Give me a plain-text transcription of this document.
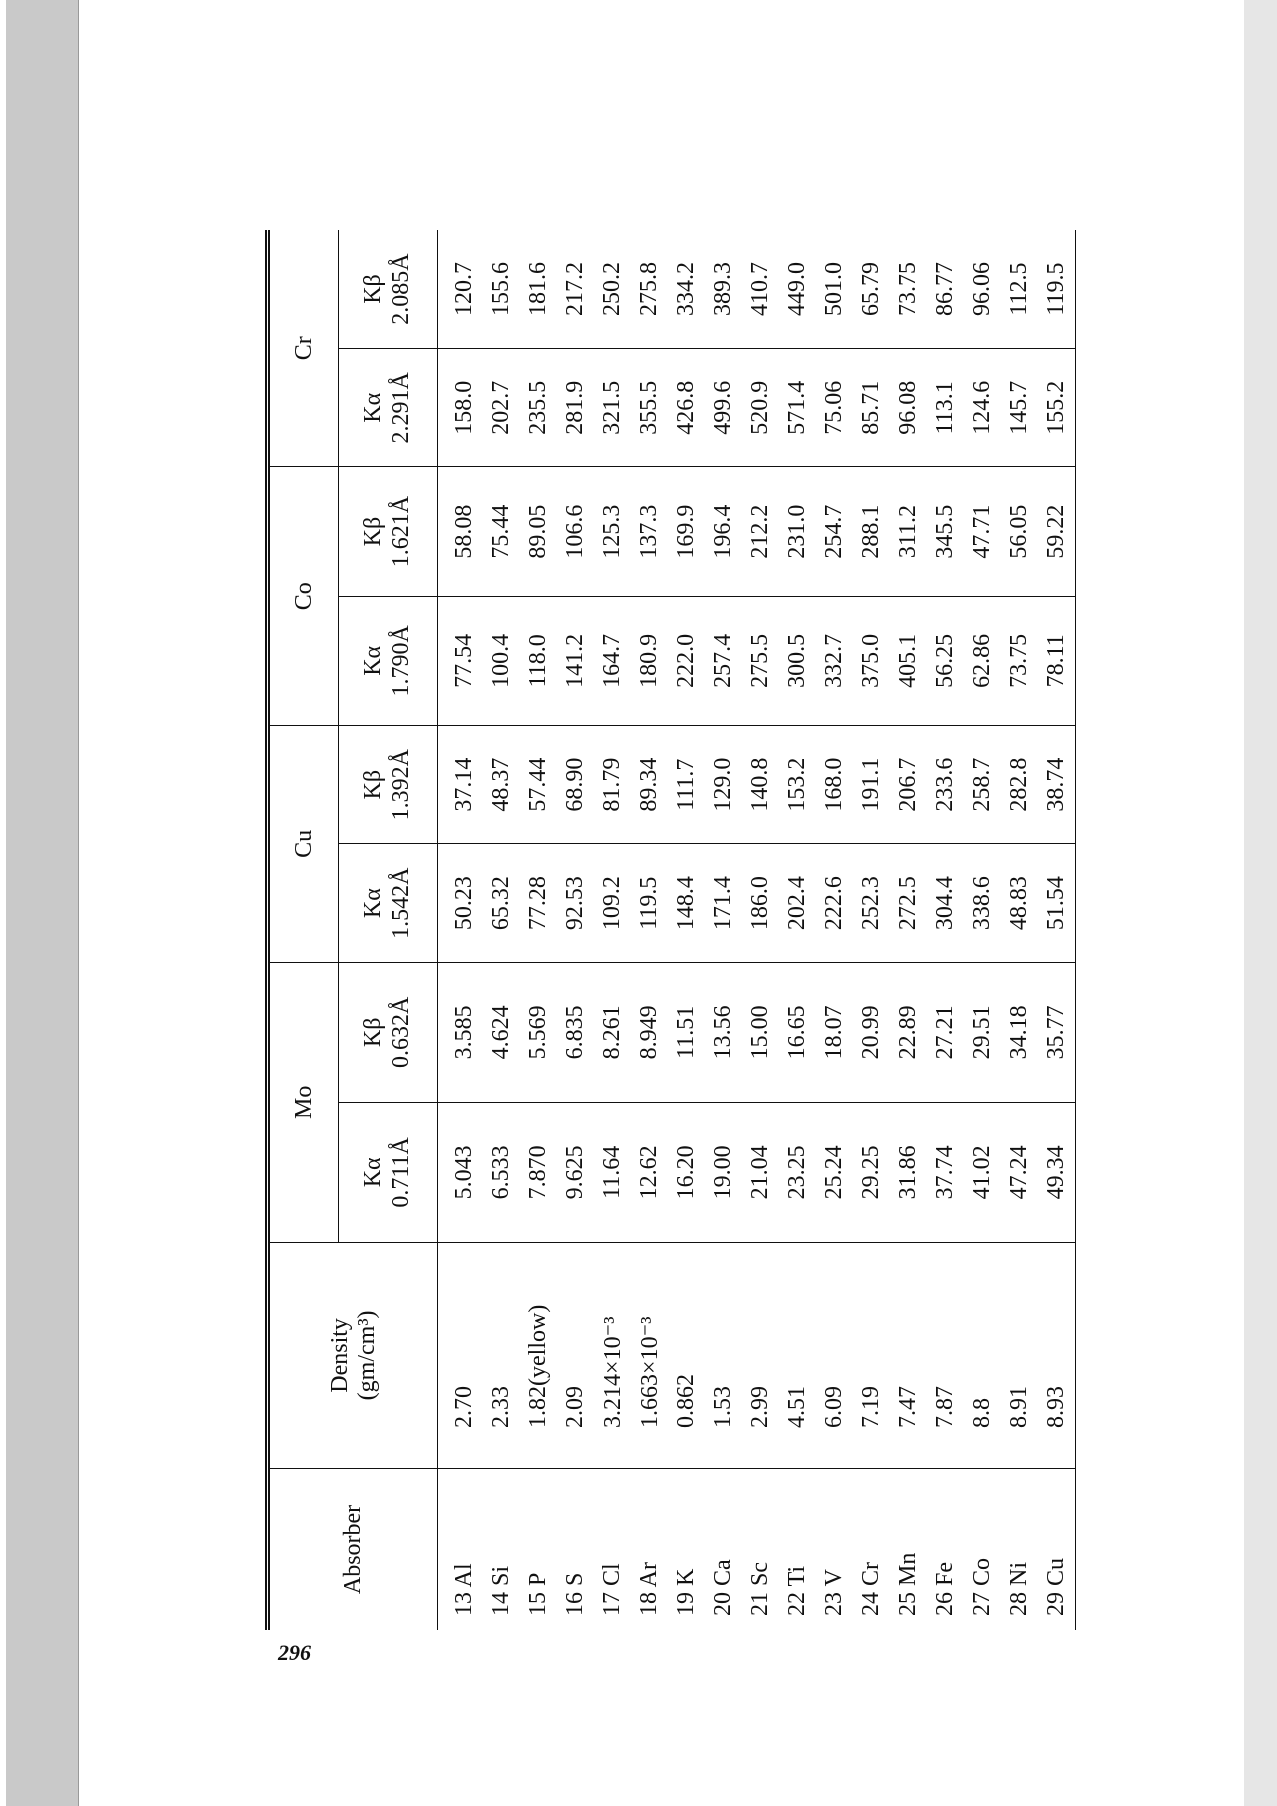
296
Absorber	Density (gm/cm³)	Mo		Cu		Co		Cr	

		Kα 0.711Å	Kβ 0.632Å	Kα 1.542Å	Kβ 1.392Å	Kα 1.790Å	Kβ 1.621Å	Kα 2.291Å	Kβ 2.085Å

13 Al	2.70	5.043	3.585	50.23	37.14	77.54	58.08	158.0	120.7
14 Si	2.33	6.533	4.624	65.32	48.37	100.4	75.44	202.7	155.6
15 P	1.82(yellow)	7.870	5.569	77.28	57.44	118.0	89.05	235.5	181.6
16 S	2.09	9.625	6.835	92.53	68.90	141.2	106.6	281.9	217.2
17 Cl	3.214×10⁻³	11.64	8.261	109.2	81.79	164.7	125.3	321.5	250.2
18 Ar	1.663×10⁻³	12.62	8.949	119.5	89.34	180.9	137.3	355.5	275.8
19 K	0.862	16.20	11.51	148.4	111.7	222.0	169.9	426.8	334.2
20 Ca	1.53	19.00	13.56	171.4	129.0	257.4	196.4	499.6	389.3
21 Sc	2.99	21.04	15.00	186.0	140.8	275.5	212.2	520.9	410.7
22 Ti	4.51	23.25	16.65	202.4	153.2	300.5	231.0	571.4	449.0
23 V	6.09	25.24	18.07	222.6	168.0	332.7	254.7	75.06	501.0
24 Cr	7.19	29.25	20.99	252.3	191.1	375.0	288.1	85.71	65.79
25 Mn	7.47	31.86	22.89	272.5	206.7	405.1	311.2	96.08	73.75
26 Fe	7.87	37.74	27.21	304.4	233.6	56.25	345.5	113.1	86.77
27 Co	8.8	41.02	29.51	338.6	258.7	62.86	47.71	124.6	96.06
28 Ni	8.91	47.24	34.18	48.83	282.8	73.75	56.05	145.7	112.5
29 Cu	8.93	49.34	35.77	51.54	38.74	78.11	59.22	155.2	119.5
